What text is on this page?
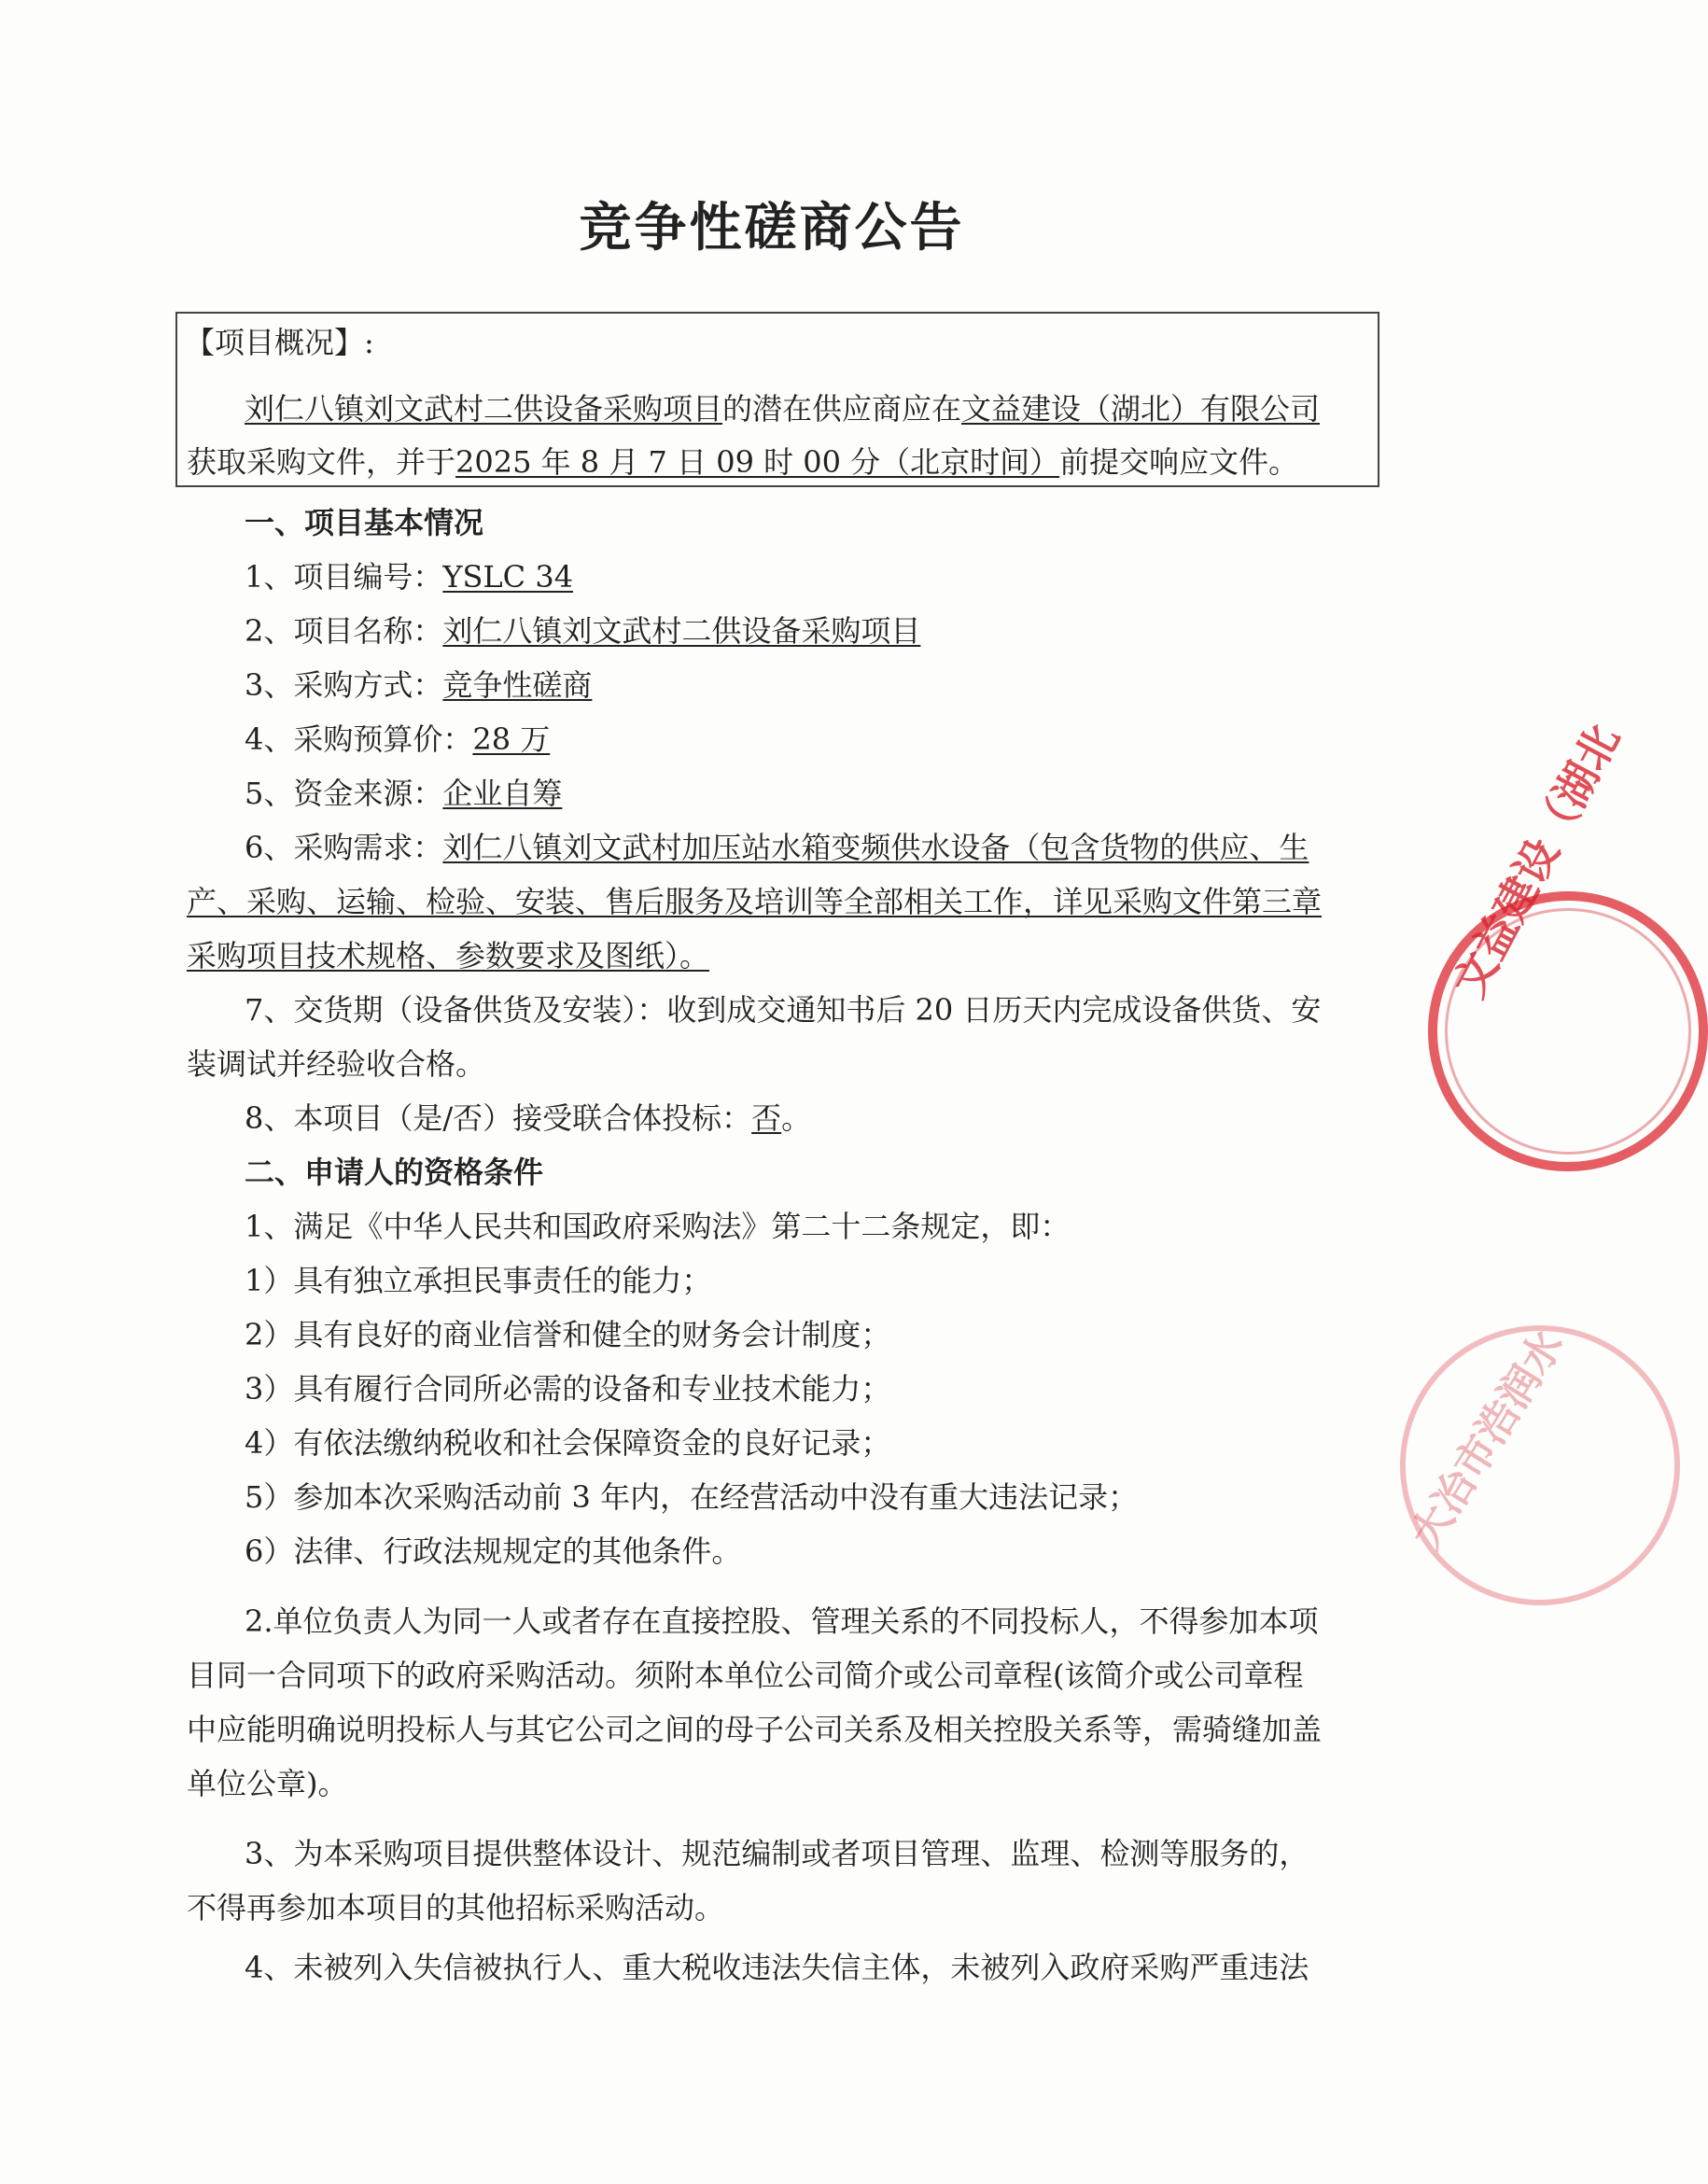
竞争性磋商公告

【项目概况】:

刘仁八镇刘文武村二供设备采购项目的潜在供应商应在文益建设（湖北）有限公司

获取采购文件，并于2025 年 8 月 7 日 09 时 00 分（北京时间）前提交响应文件。

一、项目基本情况

1、项目编号：YSLC 34

2、项目名称：刘仁八镇刘文武村二供设备采购项目

3、采购方式：竞争性磋商

4、采购预算价：28 万

5、资金来源：企业自筹

6、采购需求：刘仁八镇刘文武村加压站水箱变频供水设备（包含货物的供应、生

产、采购、运输、检验、安装、售后服务及培训等全部相关工作，详见采购文件第三章

采购项目技术规格、参数要求及图纸）。

7、交货期（设备供货及安装）：收到成交通知书后 20 日历天内完成设备供货、安

装调试并经验收合格。

8、本项目（是/否）接受联合体投标：否。

二、申请人的资格条件

1、满足《中华人民共和国政府采购法》第二十二条规定，即：

1）具有独立承担民事责任的能力；

2）具有良好的商业信誉和健全的财务会计制度；

3）具有履行合同所必需的设备和专业技术能力；

4）有依法缴纳税收和社会保障资金的良好记录；

5）参加本次采购活动前 3 年内，在经营活动中没有重大违法记录；

6）法律、行政法规规定的其他条件。

2.单位负责人为同一人或者存在直接控股、管理关系的不同投标人，不得参加本项

目同一合同项下的政府采购活动。须附本单位公司简介或公司章程(该简介或公司章程

中应能明确说明投标人与其它公司之间的母子公司关系及相关控股关系等，需骑缝加盖

单位公章)。

3、为本采购项目提供整体设计、规范编制或者项目管理、监理、检测等服务的，

不得再参加本项目的其他招标采购活动。

4、未被列入失信被执行人、重大税收违法失信主体，未被列入政府采购严重违法

文益建设（湖北
大冶市浩润水
